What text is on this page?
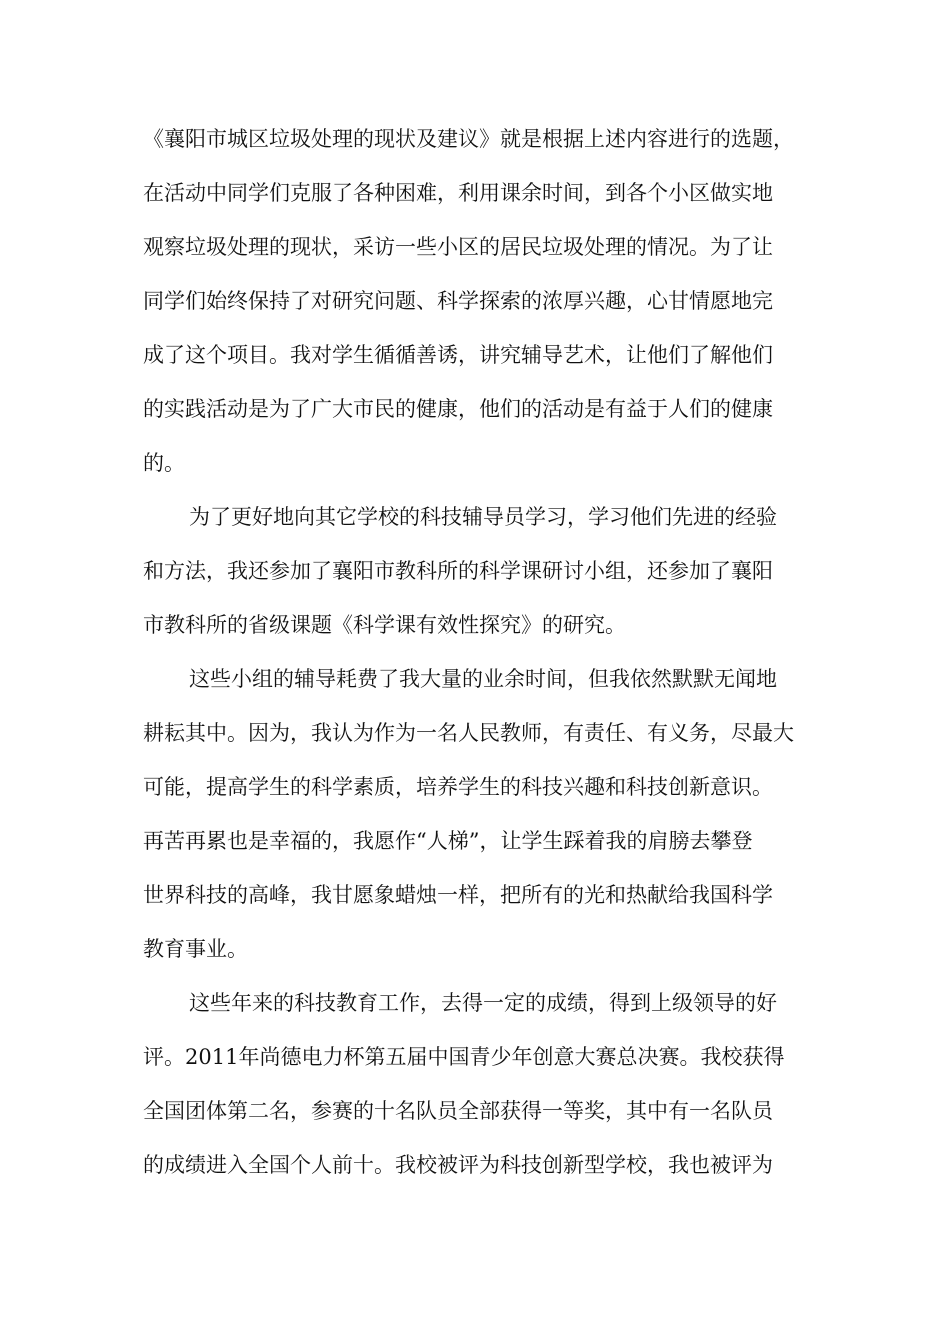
《襄阳市城区垃圾处理的现状及建议》就是根据上述内容进行的选题，
在活动中同学们克服了各种困难，利用课余时间，到各个小区做实地
观察垃圾处理的现状，采访一些小区的居民垃圾处理的情况。为了让
同学们始终保持了对研究问题、科学探索的浓厚兴趣，心甘情愿地完
成了这个项目。我对学生循循善诱，讲究辅导艺术，让他们了解他们
的实践活动是为了广大市民的健康，他们的活动是有益于人们的健康
的。
为了更好地向其它学校的科技辅导员学习，学习他们先进的经验
和方法，我还参加了襄阳市教科所的科学课研讨小组，还参加了襄阳
市教科所的省级课题《科学课有效性探究》的研究。
这些小组的辅导耗费了我大量的业余时间，但我依然默默无闻地
耕耘其中。因为，我认为作为一名人民教师，有责任、有义务，尽最大
可能，提高学生的科学素质，培养学生的科技兴趣和科技创新意识。
再苦再累也是幸福的，我愿作“人梯”，让学生踩着我的肩膀去攀登
世界科技的高峰，我甘愿象蜡烛一样，把所有的光和热献给我国科学
教育事业。
这些年来的科技教育工作，去得一定的成绩，得到上级领导的好
评。2011年尚德电力杯第五届中国青少年创意大赛总决赛。我校获得
全国团体第二名，参赛的十名队员全部获得一等奖，其中有一名队员
的成绩进入全国个人前十。我校被评为科技创新型学校，我也被评为
